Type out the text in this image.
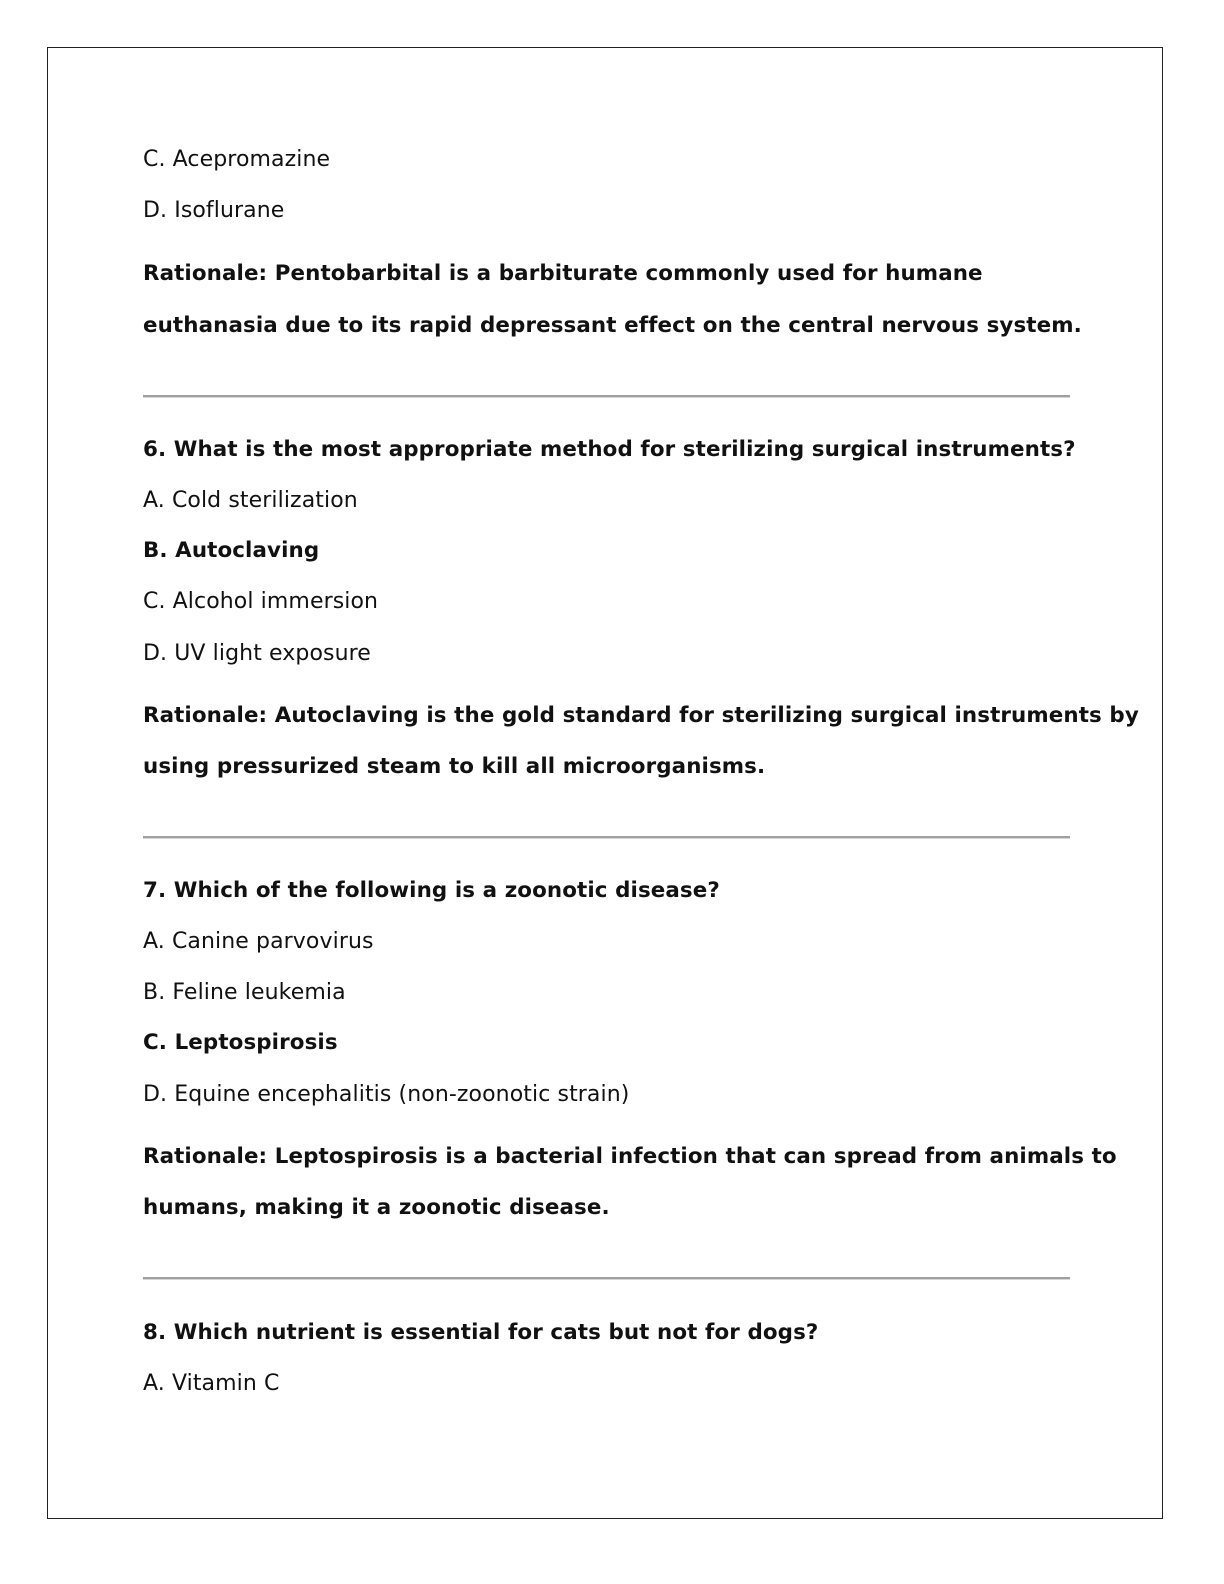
C. Acepromazine
D. Isoflurane
Rationale: Pentobarbital is a barbiturate commonly used for humane
euthanasia due to its rapid depressant effect on the central nervous system.
6. What is the most appropriate method for sterilizing surgical instruments?
A. Cold sterilization
B. Autoclaving
C. Alcohol immersion
D. UV light exposure
Rationale: Autoclaving is the gold standard for sterilizing surgical instruments by
using pressurized steam to kill all microorganisms.
7. Which of the following is a zoonotic disease?
A. Canine parvovirus
B. Feline leukemia
C. Leptospirosis
D. Equine encephalitis (non-zoonotic strain)
Rationale: Leptospirosis is a bacterial infection that can spread from animals to
humans, making it a zoonotic disease.
8. Which nutrient is essential for cats but not for dogs?
A. Vitamin C
